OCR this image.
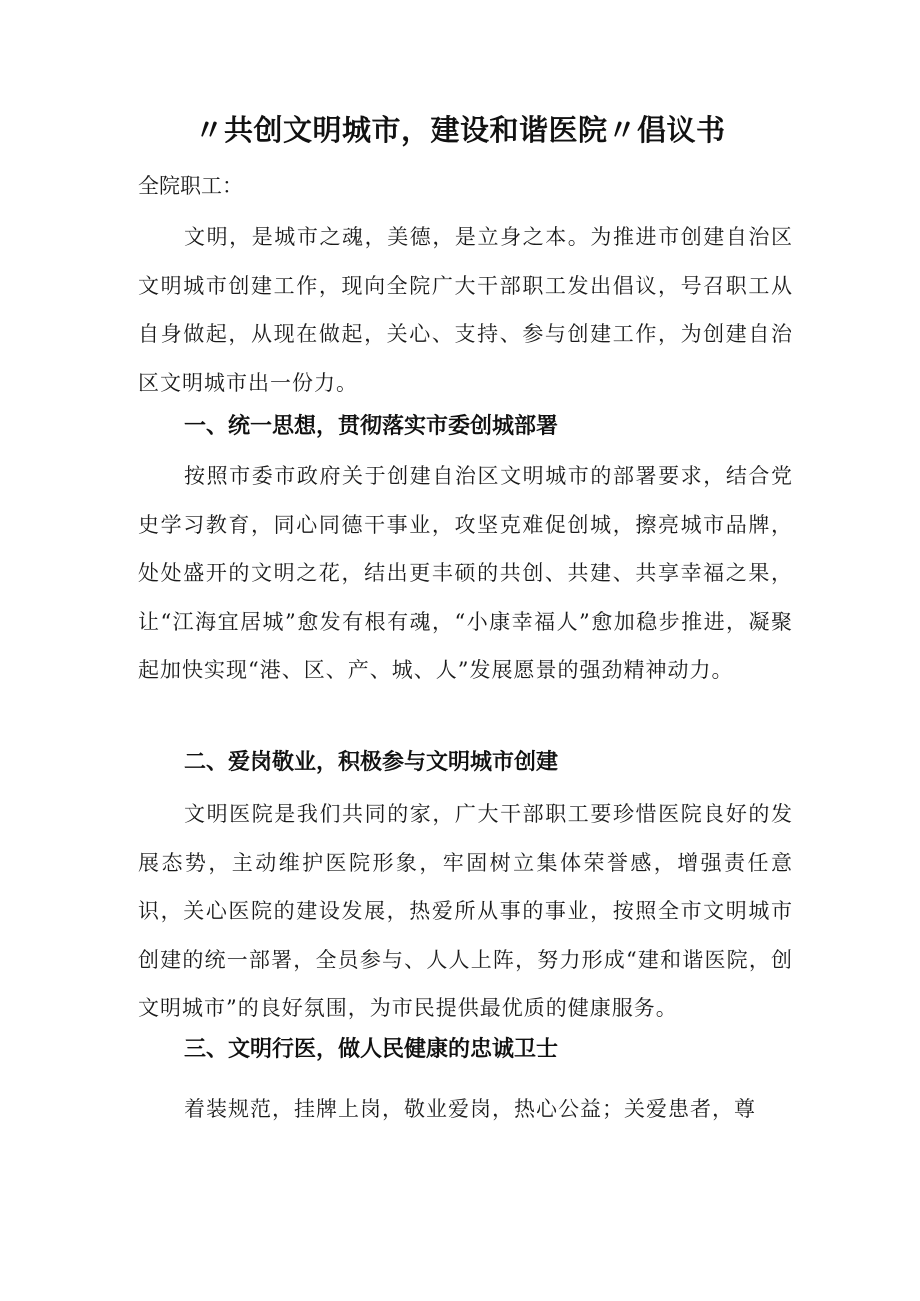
〃共创文明城市，建设和谐医院〃倡议书
全院职工：

文明，是城市之魂，美德，是立身之本。为推进市创建自治区文明城市创建工作，现向全院广大干部职工发出倡议，号召职工从自身做起，从现在做起，关心、支持、参与创建工作，为创建自治区文明城市出一份力。

一、统一思想，贯彻落实市委创城部署

按照市委市政府关于创建自治区文明城市的部署要求，结合党史学习教育，同心同德干事业，攻坚克难促创城，擦亮城市品牌，处处盛开的文明之花，结出更丰硕的共创、共建、共享幸福之果，让“江海宜居城”愈发有根有魂，“小康幸福人”愈加稳步推进，凝聚起加快实现“港、区、产、城、人”发展愿景的强劲精神动力。

二、爱岗敬业，积极参与文明城市创建

文明医院是我们共同的家，广大干部职工要珍惜医院良好的发展态势，主动维护医院形象，牢固树立集体荣誉感，增强责任意识，关心医院的建设发展，热爱所从事的事业，按照全市文明城市创建的统一部署，全员参与、人人上阵，努力形成“建和谐医院，创文明城市”的良好氛围，为市民提供最优质的健康服务。

三、文明行医，做人民健康的忠诚卫士

着装规范，挂牌上岗，敬业爱岗，热心公益；关爱患者，尊
